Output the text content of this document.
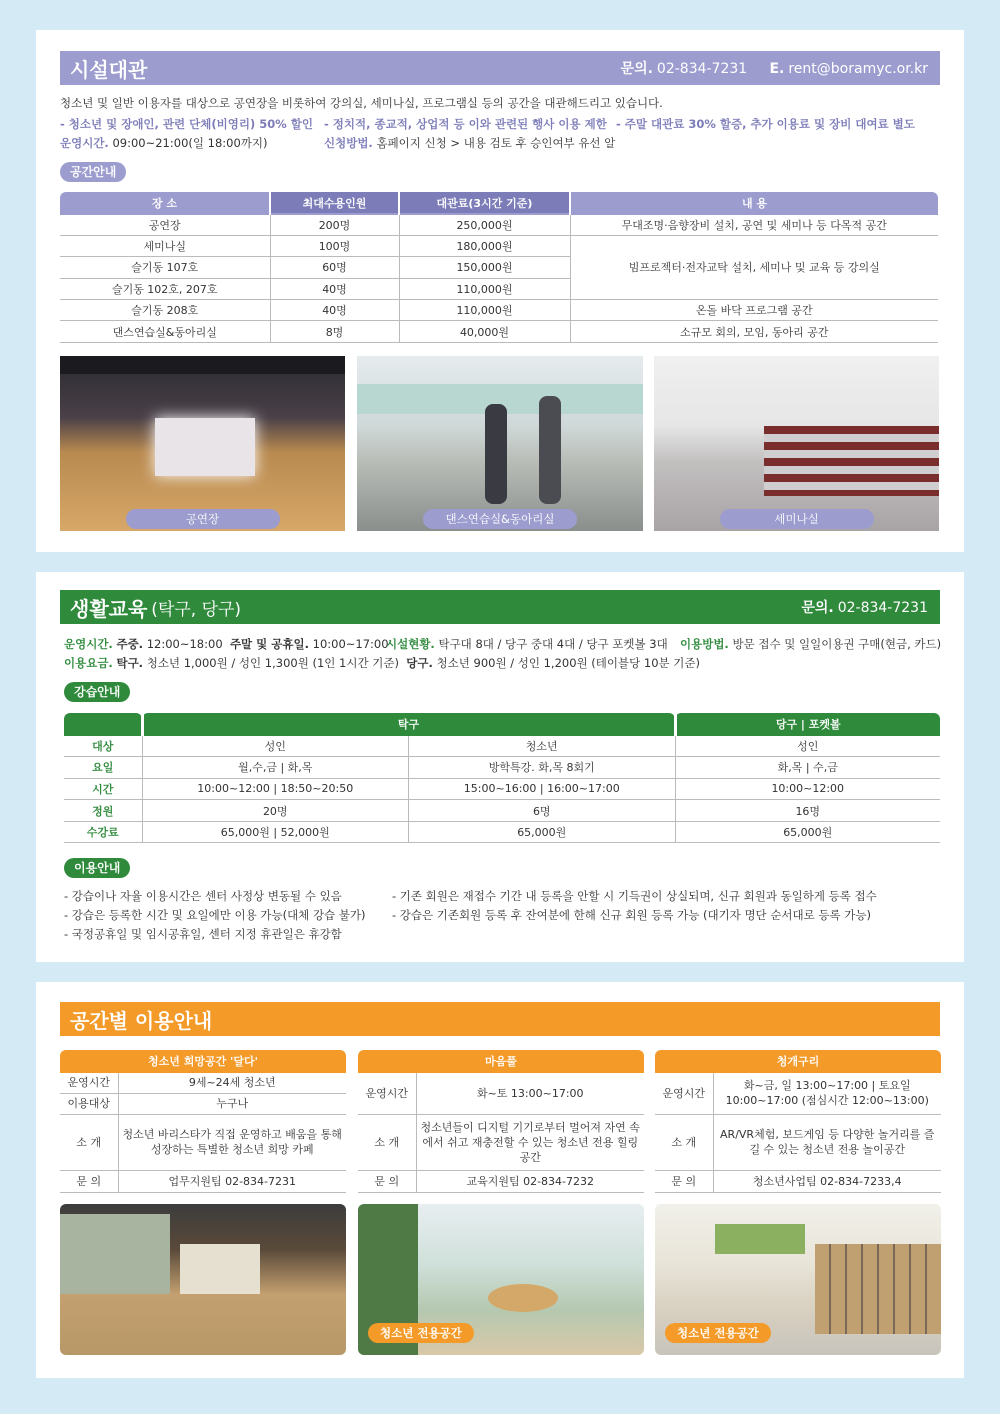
시설대관	문의. 02-834-7231 E. rent@boramyc.or.kr
청소년 및 일반 이용자를 대상으로 공연장을 비롯하여 강의실, 세미나실, 프로그램실 등의 공간을 대관해드리고 있습니다.
- 청소년 및 장애인, 관련 단체(비영리) 50% 할인 - 정치적, 종교적, 상업적 등 이와 관련된 행사 이용 제한 - 주말 대관료 30% 할증, 추가 이용료 및 장비 대여료 별도
운영시간. 09:00~21:00(일 18:00까지)	신청방법. 홈페이지 신청 > 내용 검토 후 승인여부 유선 알
공간안내
장 소	최대수용인원	대관료(3시간 기준)	내 용
공연장	200명	250,000원	무대조명·음향장비 설치, 공연 및 세미나 등 다목적 공간
세미나실	100명	180,000원	빔프로젝터·전자교탁 설치, 세미나 및 교육 등 강의실
슬기동 107호	60명	150,000원	
슬기동 102호, 207호	40명	110,000원	
슬기동 208호	40명	110,000원	온돌 바닥 프로그램 공간
댄스연습실&동아리실	8명	40,000원	소규모 회의, 모임, 동아리 공간
공연장	댄스연습실&동아리실	세미나실
생활교육 (탁구, 당구)	문의. 02-834-7231
운영시간. 주중. 12:00~18:00 주말 및 공휴일. 10:00~17:00
시설현황. 탁구대 8대 / 당구 중대 4대 / 당구 포켓볼 3대 이용방법. 방문 접수 및 일일이용권 구매(현금, 카드)
이용요금. 탁구. 청소년 1,000원 / 성인 1,300원 (1인 1시간 기준) 당구. 청소년 900원 / 성인 1,200원 (테이블당 10분 기준)
강습안내
	탁구		당구 | 포켓볼
대상	성인	청소년	성인
요일	월,수,금 | 화,목	방학특강. 화,목 8회기	화,목 | 수,금
시간	10:00~12:00 | 18:50~20:50	15:00~16:00 | 16:00~17:00	10:00~12:00
정원	20명	6명	16명
수강료	65,000원 | 52,000원	65,000원	65,000원
이용안내
- 강습이나 자율 이용시간은 센터 사정상 변동될 수 있음
- 강습은 등록한 시간 및 요일에만 이용 가능(대체 강습 불가)
- 국정공휴일 및 임시공휴일, 센터 지정 휴관일은 휴강함
- 기존 회원은 재접수 기간 내 등록을 안할 시 기득권이 상실되며, 신규 회원과 동일하게 등록 접수
- 강습은 기존회원 등록 후 잔여분에 한해 신규 회원 등록 가능 (대기자 명단 순서대로 등록 가능)
공간별 이용안내
청소년 희망공간 '달다'	
운영시간	9세~24세 청소년
이용대상	누구나
소 개	청소년 바리스타가 직접 운영하고 배움을 통해 성장하는 특별한 청소년 희망 카페
문 의	업무지원팀 02-834-7231
마음풀	
운영시간	화~토 13:00~17:00
소 개	청소년들이 디지털 기기로부터 멀어져 자연 속에서 쉬고 재충전할 수 있는 청소년 전용 힐링 공간
문 의	교육지원팀 02-834-7232
청개구리	
운영시간	화~금, 일 13:00~17:00 | 토요일 10:00~17:00 (점심시간 12:00~13:00)
소 개	AR/VR체험, 보드게임 등 다양한 놀거리를 즐길 수 있는 청소년 전용 놀이공간
문 의	청소년사업팀 02-834-7233,4
청소년 전용공간	청소년 전용공간
